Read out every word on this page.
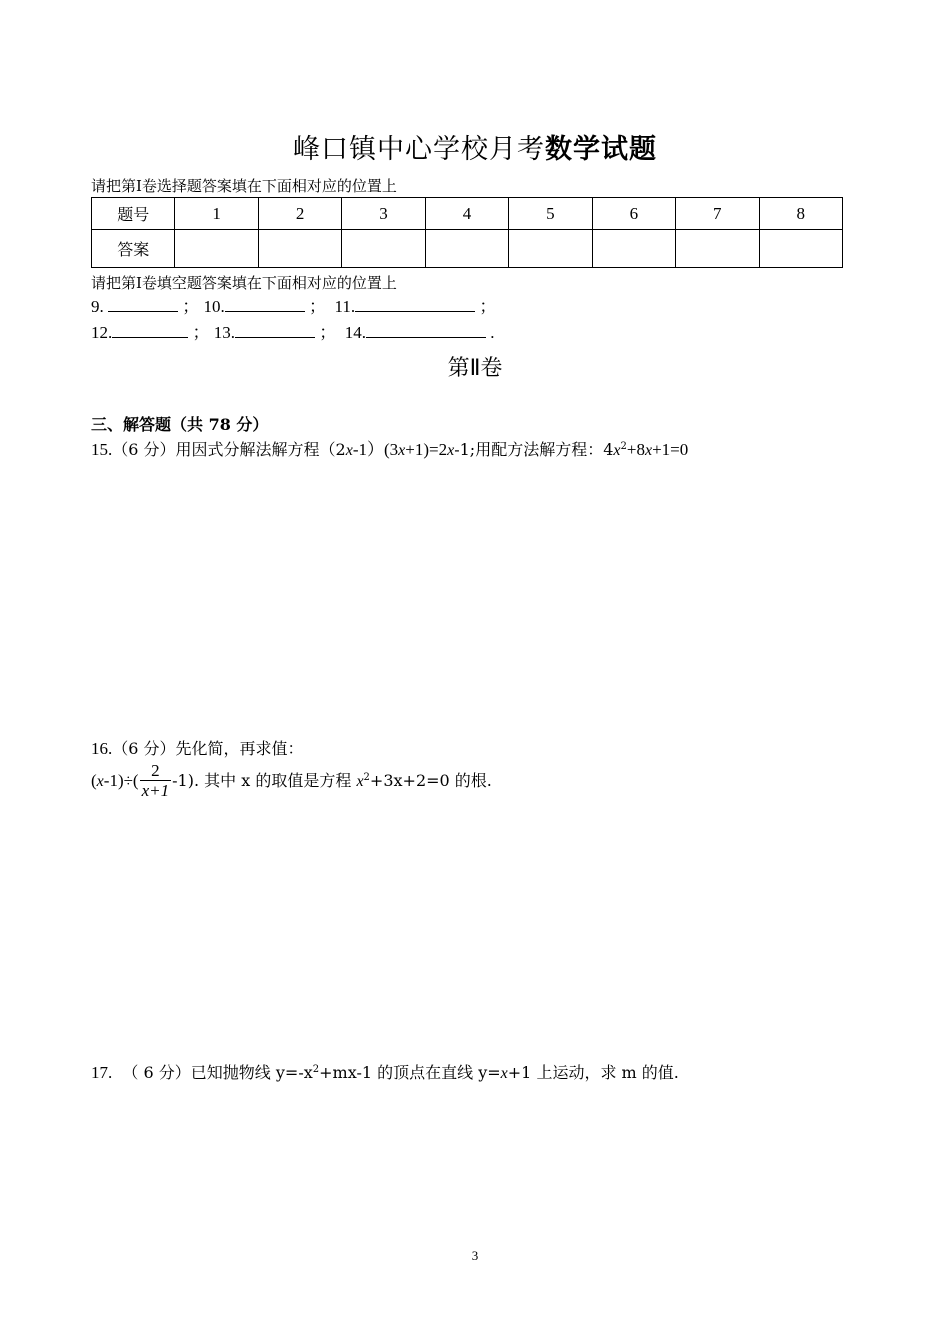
峰口镇中心学校月考数学试题
请把第Ⅰ卷选择题答案填在下面相对应的位置上
题号	1	2	3	4	5	6	7	8
答案								
请把第Ⅰ卷填空题答案填在下面相对应的位置上
9.	； 10.	； 11.	；
12.	； 13.	； 14.	.
第Ⅱ卷
三、解答题（共 78 分）
15.（6 分）用因式分解法解方程（2x-1）(3x+1)=2x-1;用配方法解方程：$4x^2+8x+1=0$
16.（6 分）先化简，再求值：
$(x-1)\div( \frac{2}{x+1} -1)$. 其中 x 的取值是方程 $x^2+3x+2=0$ 的根.
17. （ 6 分）已知抛物线 $y=-x^2+mx-1$ 的顶点在直线 y=x+1 上运动，求 m 的值.
3
